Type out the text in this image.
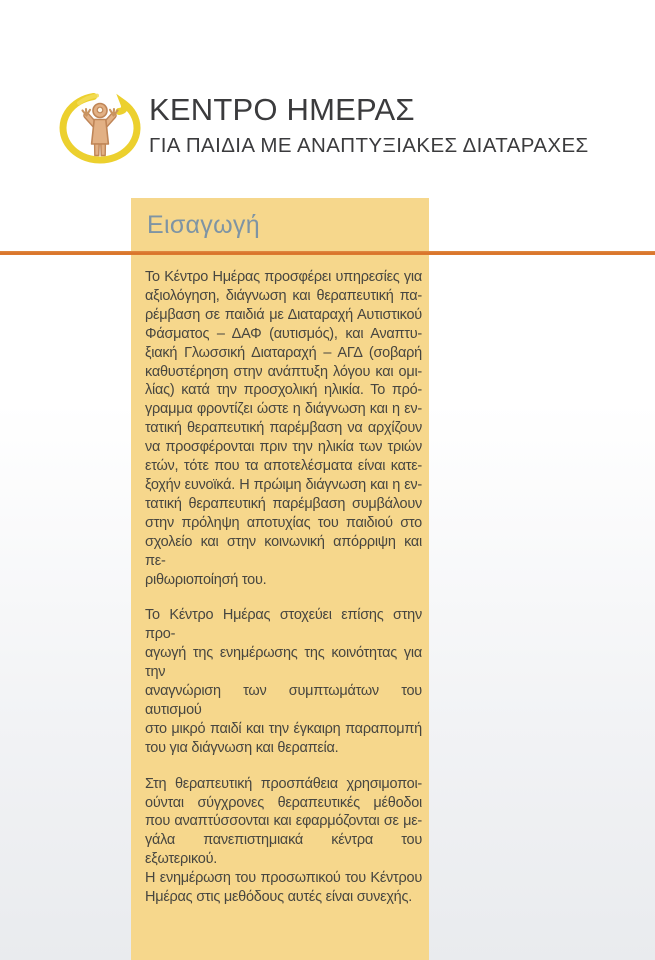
ΚΕΝΤΡΟ ΗΜΕΡΑΣ
ΓΙΑ ΠΑΙΔΙΑ ΜΕ ΑΝΑΠΤΥΞΙΑΚΕΣ ΔΙΑΤΑΡΑΧΕΣ
Εισαγωγή
Το Κέντρο Ημέρας προσφέρει υπηρεσίες για
αξιολόγηση, διάγνωση και θεραπευτική πα-
ρέμβαση σε παιδιά με Διαταραχή Αυτιστικού
Φάσματος – ΔΑΦ (αυτισμός), και Αναπτυ-
ξιακή Γλωσσική Διαταραχή – ΑΓΔ (σοβαρή
καθυστέρηση στην ανάπτυξη λόγου και ομι-
λίας) κατά την προσχολική ηλικία. Το πρό-
γραμμα φροντίζει ώστε η διάγνωση και η εν-
τατική θεραπευτική παρέμβαση να αρχίζουν
να προσφέρονται πριν την ηλικία των τριών
ετών, τότε που τα αποτελέσματα είναι κατε-
ξοχήν ευνοϊκά. Η πρώιμη διάγνωση και η εν-
τατική θεραπευτική παρέμβαση συμβάλουν
στην πρόληψη αποτυχίας του παιδιού στο
σχολείο και στην κοινωνική απόρριψη και πε-
ριθωριοποίησή του.
Το Κέντρο Ημέρας στοχεύει επίσης στην προ-
αγωγή της ενημέρωσης της κοινότητας για την
αναγνώριση των συμπτωμάτων του αυτισμού
στο μικρό παιδί και την έγκαιρη παραπομπή
του για διάγνωση και θεραπεία.
Στη θεραπευτική προσπάθεια χρησιμοποι-
ούνται σύγχρονες θεραπευτικές μέθοδοι
που αναπτύσσονται και εφαρμόζονται σε με-
γάλα πανεπιστημιακά κέντρα του εξωτερικού.
Η ενημέρωση του προσωπικού του Κέντρου
Ημέρας στις μεθόδους αυτές είναι συνεχής.
